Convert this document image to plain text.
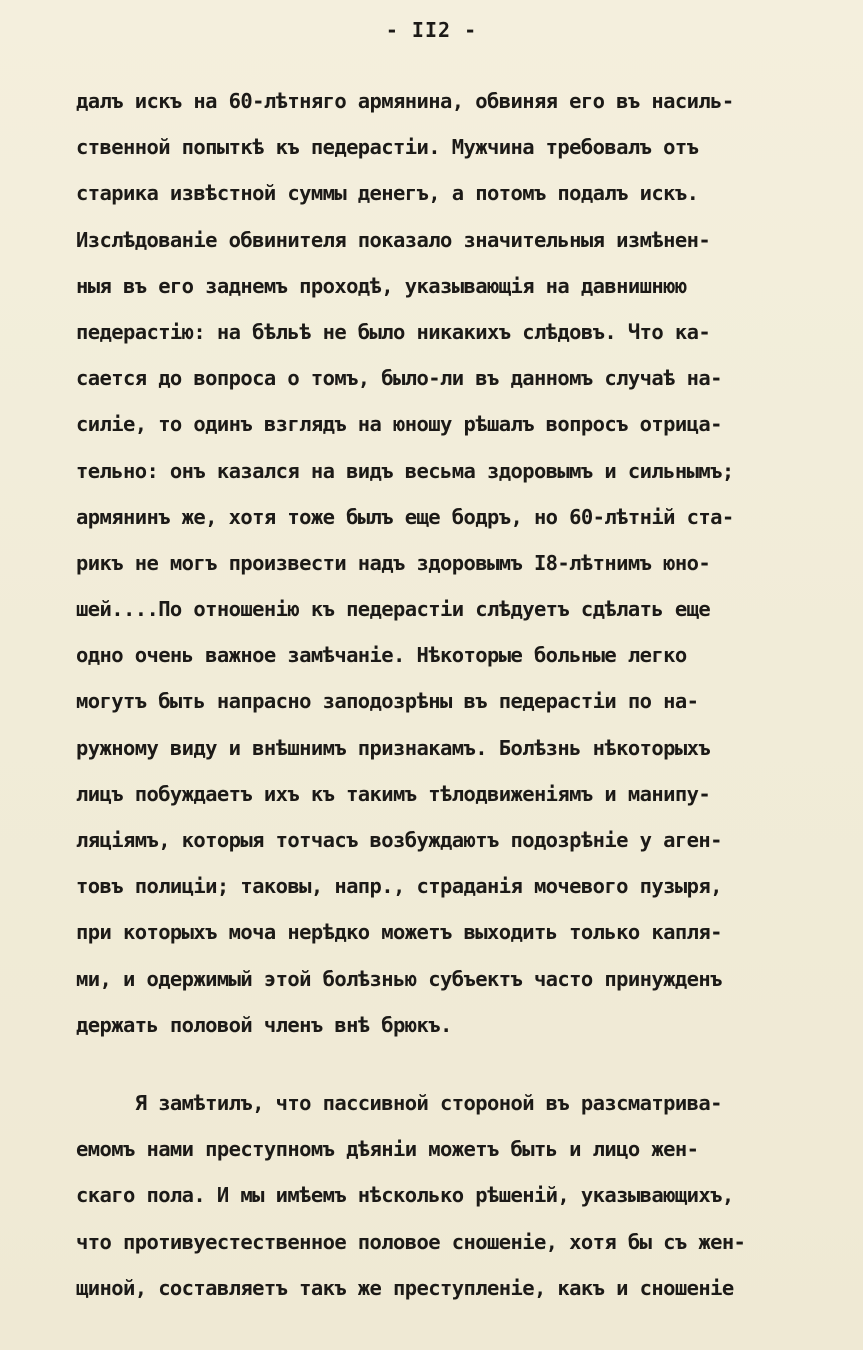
- II2 -
далъ искъ на 60-лѣтняго армянина, обвиняя его въ насиль-
ственной попыткѣ къ педерастіи. Мужчина требовалъ отъ
старика извѣстной суммы денегъ, а потомъ подалъ искъ.
Изслѣдованіе обвинителя показало значительныя измѣнен-
ныя въ его заднемъ проходѣ, указывающія на давнишнюю
педерастію: на бѣльѣ не было никакихъ слѣдовъ. Что ка-
сается до вопроса о томъ, было-ли въ данномъ случаѣ на-
силіе, то одинъ взглядъ на юношу рѣшалъ вопросъ отрица-
тельно: онъ казался на видъ весьма здоровымъ и сильнымъ;
армянинъ же, хотя тоже былъ еще бодръ, но 60-лѣтній ста-
рикъ не могъ произвести надъ здоровымъ I8-лѣтнимъ юно-
шей....По отношенію къ педерастіи слѣдуетъ сдѣлать еще
одно очень важное замѣчаніе. Нѣкоторые больные легко
могутъ быть напрасно заподозрѣны въ педерастіи по на-
ружному виду и внѣшнимъ признакамъ. Болѣзнь нѣкоторыхъ
лицъ побуждаетъ ихъ къ такимъ тѣлодвиженіямъ и манипу-
ляціямъ, которыя тотчасъ возбуждаютъ подозрѣніе у аген-
товъ полиціи; таковы, напр., страданія мочевого пузыря,
при которыхъ моча нерѣдко можетъ выходить только капля-
ми, и одержимый этой болѣзнью субъектъ часто принужденъ
держать половой членъ внѣ брюкъ.
Я замѣтилъ, что пассивной стороной въ разсматрива-
емомъ нами преступномъ дѣяніи можетъ быть и лицо жен-
скаго пола. И мы имѣемъ нѣсколько рѣшеній, указывающихъ,
что противуестественное половое сношеніе, хотя бы съ жен-
щиной, составляетъ такъ же преступленіе, какъ и сношеніе
